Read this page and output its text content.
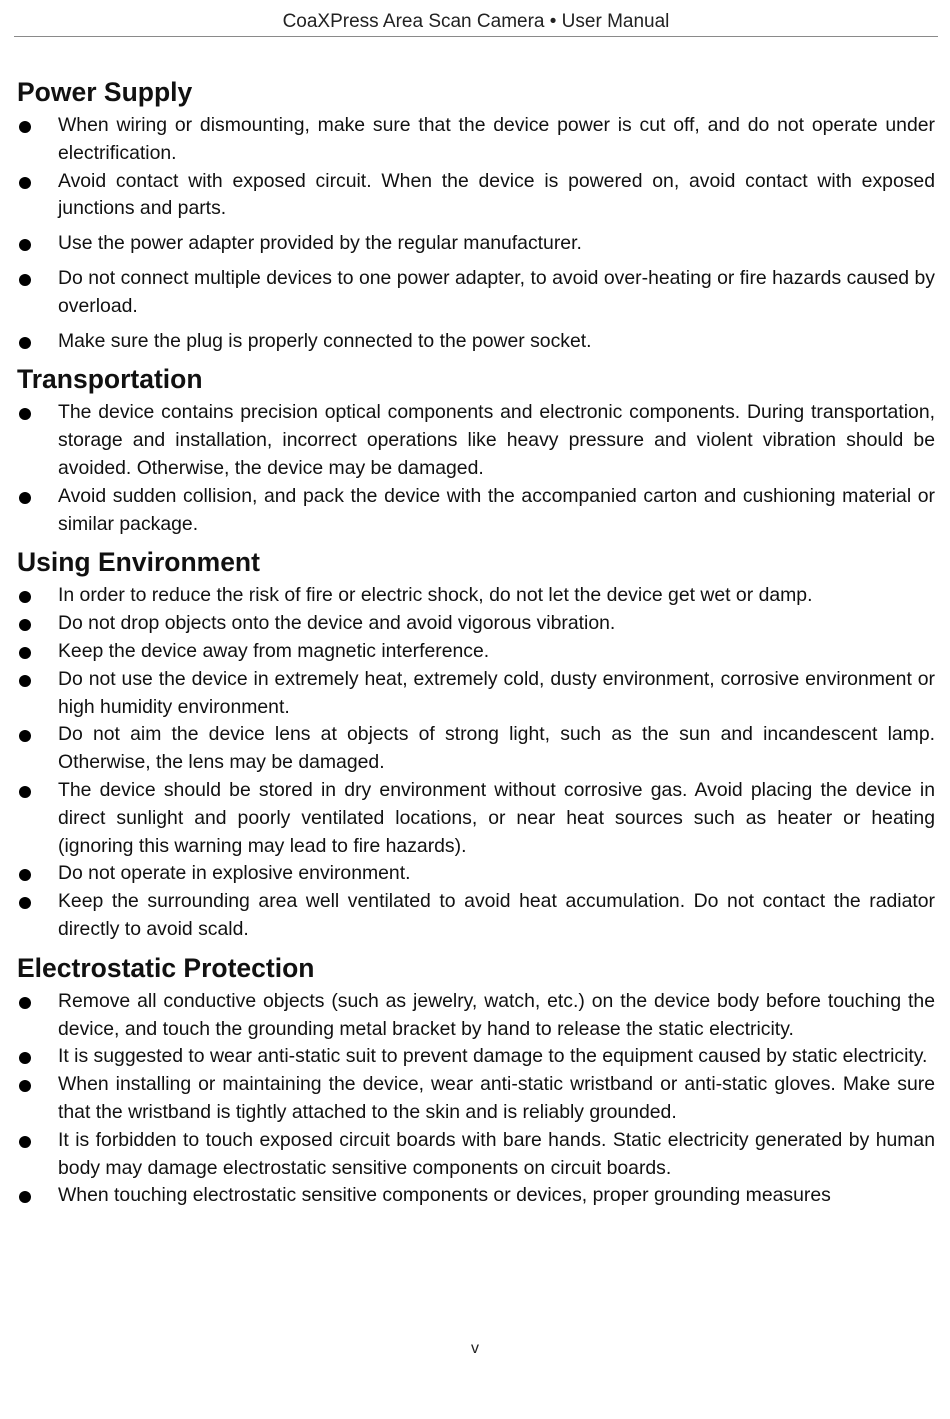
CoaXPress Area Scan Camera • User Manual
Power Supply
When wiring or dismounting, make sure that the device power is cut off, and do not operate under electrification.
Avoid contact with exposed circuit. When the device is powered on, avoid contact with exposed junctions and parts.
Use the power adapter provided by the regular manufacturer.
Do not connect multiple devices to one power adapter, to avoid over-heating or fire hazards caused by overload.
Make sure the plug is properly connected to the power socket.
Transportation
The device contains precision optical components and electronic components. During transportation, storage and installation, incorrect operations like heavy pressure and violent vibration should be avoided. Otherwise, the device may be damaged.
Avoid sudden collision, and pack the device with the accompanied carton and cushioning material or similar package.
Using Environment
In order to reduce the risk of fire or electric shock, do not let the device get wet or damp.
Do not drop objects onto the device and avoid vigorous vibration.
Keep the device away from magnetic interference.
Do not use the device in extremely heat, extremely cold, dusty environment, corrosive environment or high humidity environment.
Do not aim the device lens at objects of strong light, such as the sun and incandescent lamp. Otherwise, the lens may be damaged.
The device should be stored in dry environment without corrosive gas. Avoid placing the device in direct sunlight and poorly ventilated locations, or near heat sources such as heater or heating (ignoring this warning may lead to fire hazards).
Do not operate in explosive environment.
Keep the surrounding area well ventilated to avoid heat accumulation. Do not contact the radiator directly to avoid scald.
Electrostatic Protection
Remove all conductive objects (such as jewelry, watch, etc.) on the device body before touching the device, and touch the grounding metal bracket by hand to release the static electricity.
It is suggested to wear anti-static suit to prevent damage to the equipment caused by static electricity.
When installing or maintaining the device, wear anti-static wristband or anti-static gloves. Make sure that the wristband is tightly attached to the skin and is reliably grounded.
It is forbidden to touch exposed circuit boards with bare hands. Static electricity generated by human body may damage electrostatic sensitive components on circuit boards.
When touching electrostatic sensitive components or devices, proper grounding measures
v
